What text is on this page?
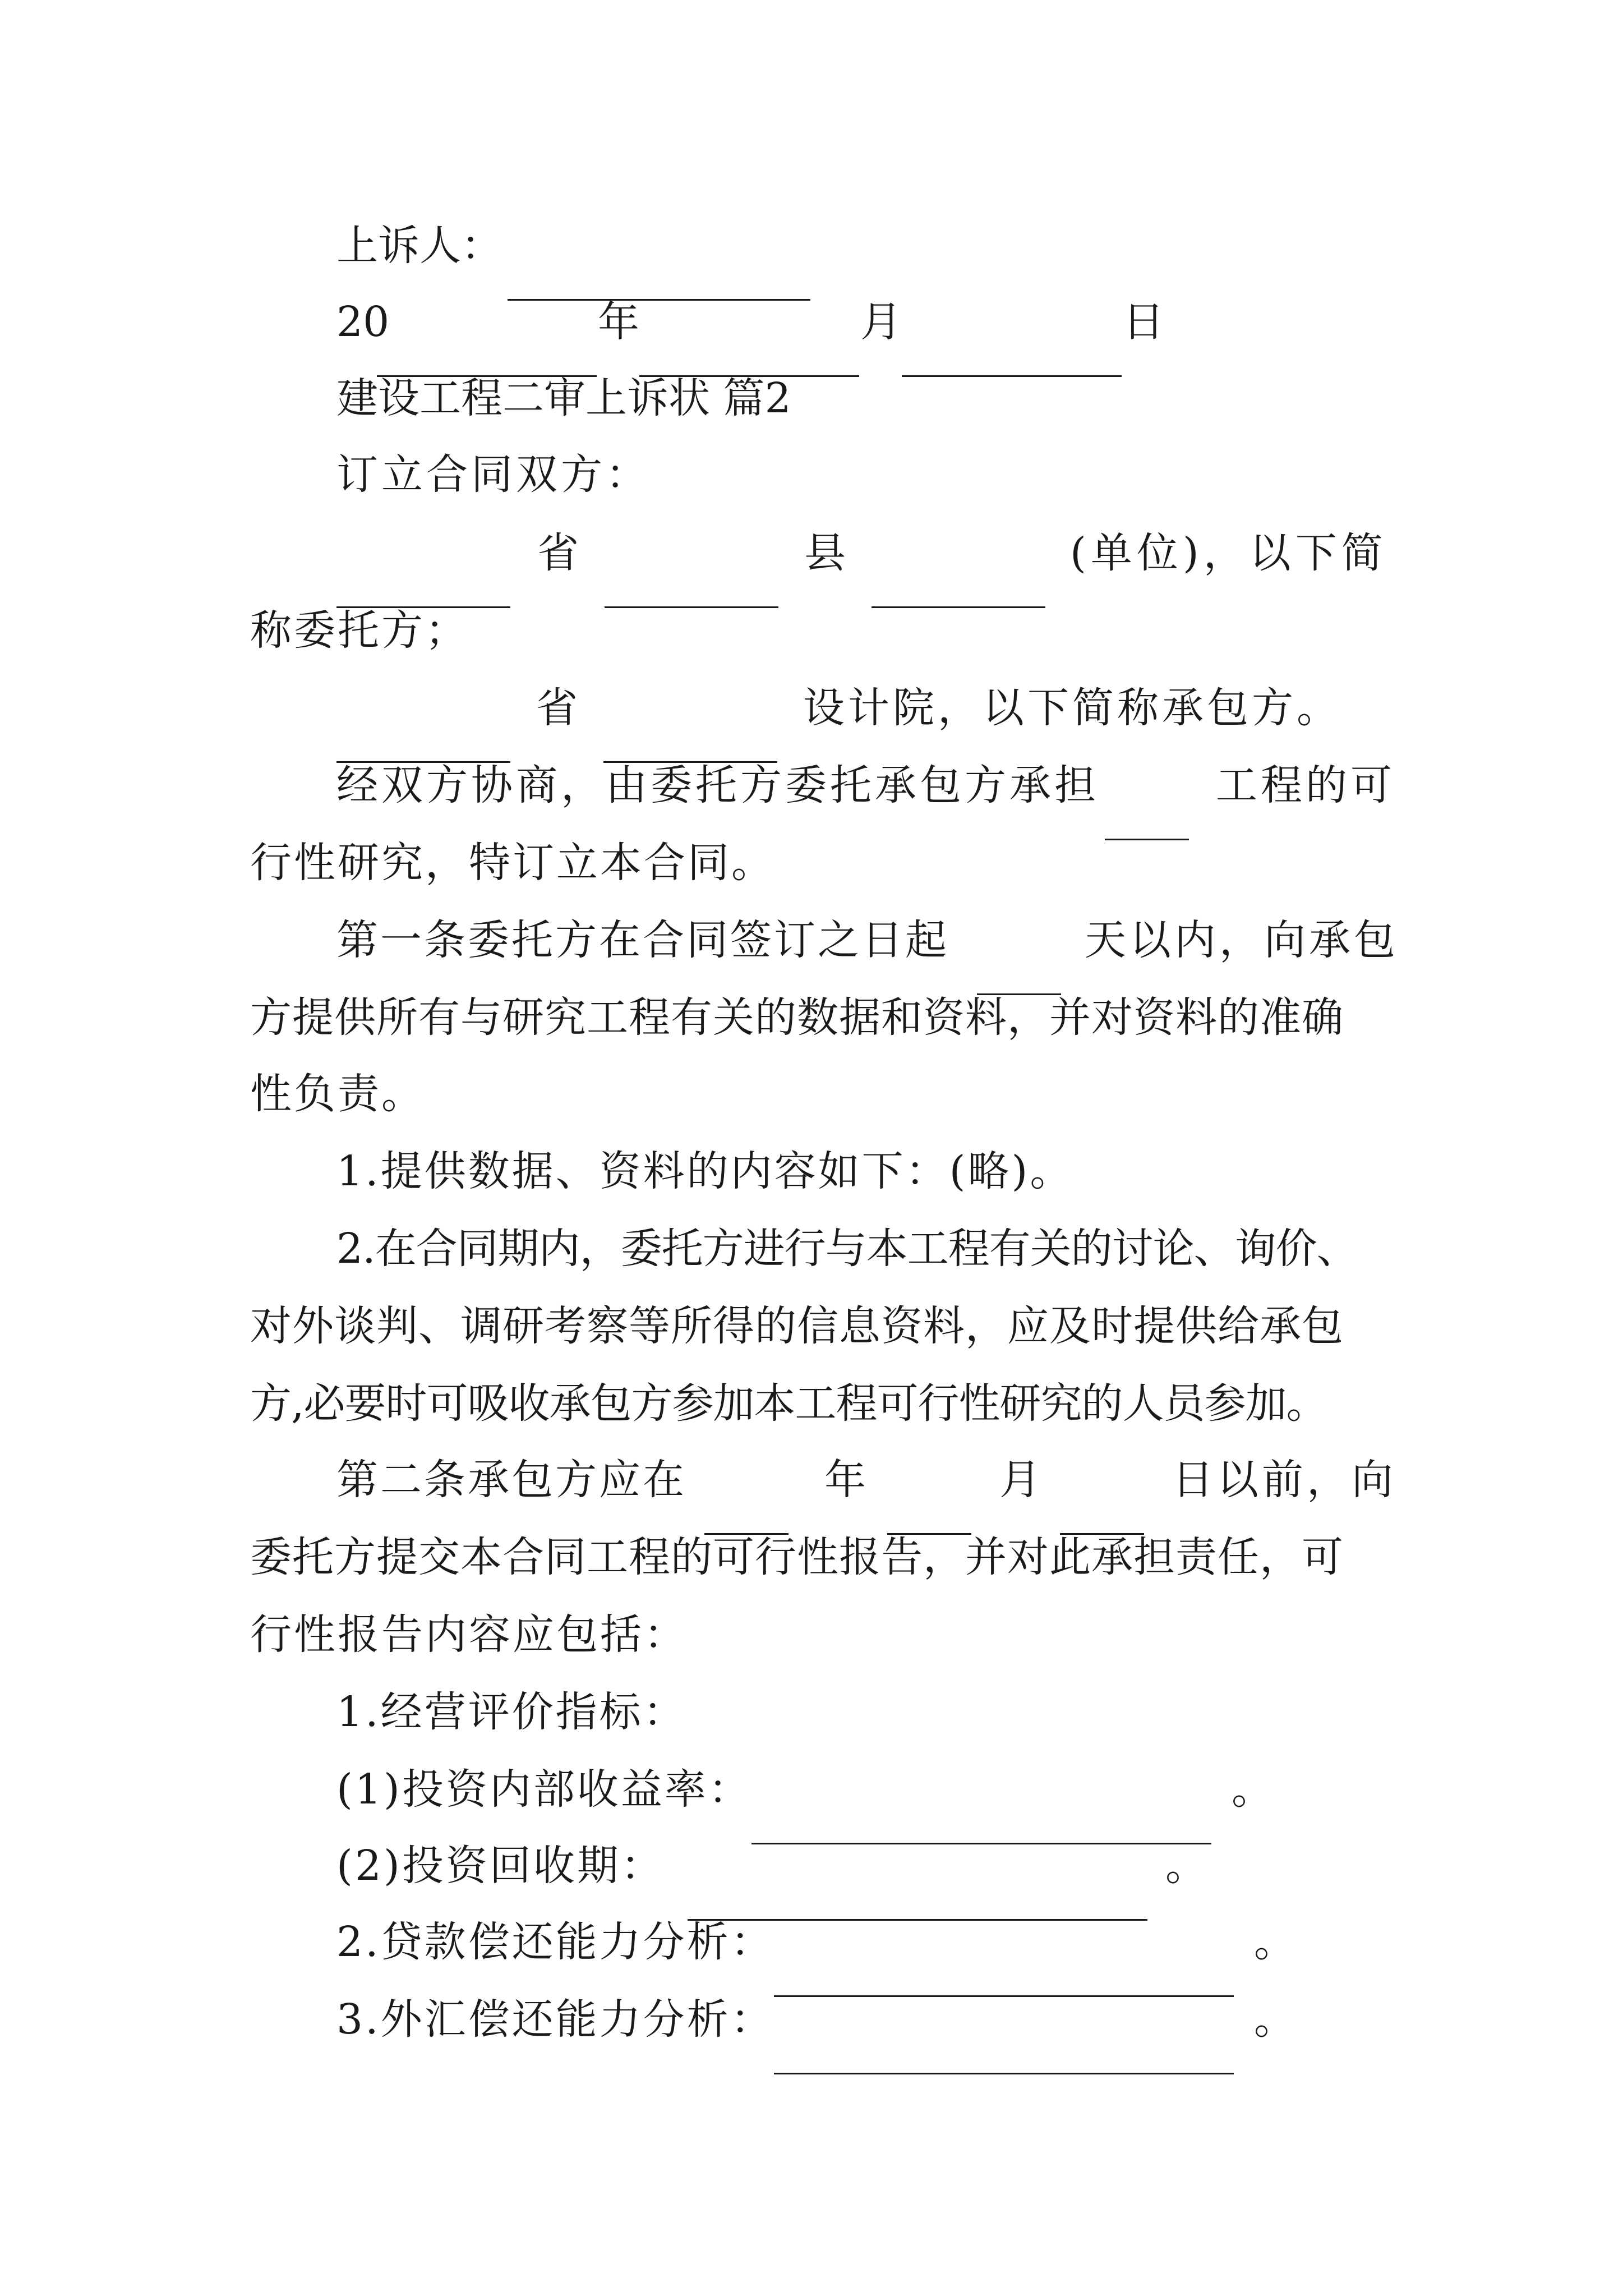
上诉人：
20	年	月	日
建设工程二审上诉状 篇2
订立合同双方：
省	县	(单位)，以下简
称委托方；
省	设计院，以下简称承包方。
经双方协商，由委托方委托承包方承担	工程的可
行性研究，特订立本合同。
第一条委托方在合同签订之日起	天以内，向承包
方提供所有与研究工程有关的数据和资料，并对资料的准确
性负责。
1.提供数据、资料的内容如下：(略)。
2.在合同期内，委托方进行与本工程有关的讨论、询价、
对外谈判、调研考察等所得的信息资料，应及时提供给承包
方,必要时可吸收承包方参加本工程可行性研究的人员参加。
第二条承包方应在	年	月	日以前，向
委托方提交本合同工程的可行性报告，并对此承担责任，可
行性报告内容应包括：
1.经营评价指标：
(1)投资内部收益率：	。
(2)投资回收期：	。
2.贷款偿还能力分析：	。
3.外汇偿还能力分析：	。
